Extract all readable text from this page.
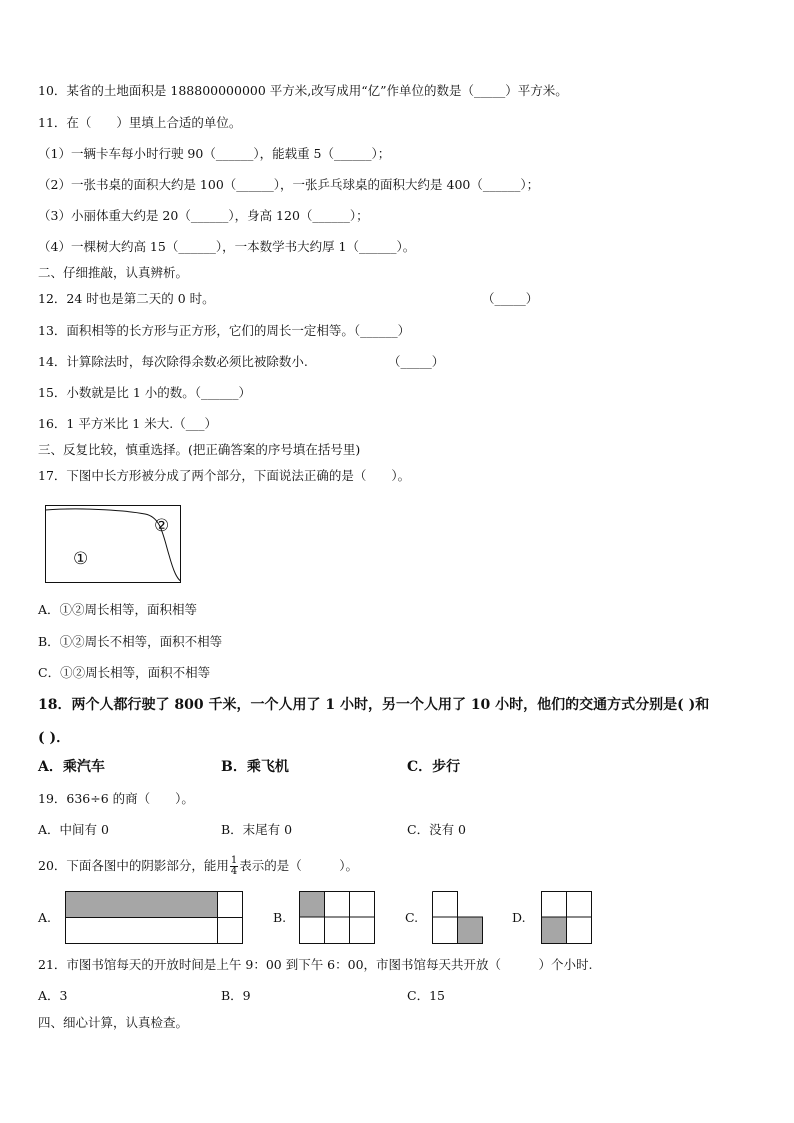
10．某省的土地面积是 188800000000 平方米,改写成用“亿”作单位的数是（_____）平方米。
11．在（　　）里填上合适的单位。
（1）一辆卡车每小时行驶 90（______），能载重 5（______）；
（2）一张书桌的面积大约是 100（______），一张乒乓球桌的面积大约是 400（______）；
（3）小丽体重大约是 20（______），身高 120（______）；
（4）一棵树大约高 15（______），一本数学书大约厚 1（______）。
二、仔细推敲，认真辨析。
12．24 时也是第二天的 0 时。	（_____）
13．面积相等的长方形与正方形，它们的周长一定相等。（______）
14．计算除法时，每次除得余数必须比被除数小.	（_____）
15．小数就是比 1 小的数。（______）
16．1 平方米比 1 米大.（___）
三、反复比较，慎重选择。(把正确答案的序号填在括号里)
17．下图中长方形被分成了两个部分，下面说法正确的是（　　）。
①
②
A．①②周长相等，面积相等
B．①②周长不相等，面积不相等
C．①②周长相等，面积不相等
18．两个人都行驶了 800 千米，一个人用了 1 小时，另一个人用了 10 小时，他们的交通方式分别是( )和
( )．
A．乘汽车	B．乘飞机	C．步行
19．636÷6 的商（　　）。
A．中间有 0	B．末尾有 0	C．没有 0
20．下面各图中的阴影部分，能用 $\frac{1}{4}$ 表示的是（　　　）。
A.	B.	C.	D.
21．市图书馆每天的开放时间是上午 9：00 到下午 6：00，市图书馆每天共开放（　　　）个小时.
A．3	B．9	C．15
四、细心计算，认真检查。
